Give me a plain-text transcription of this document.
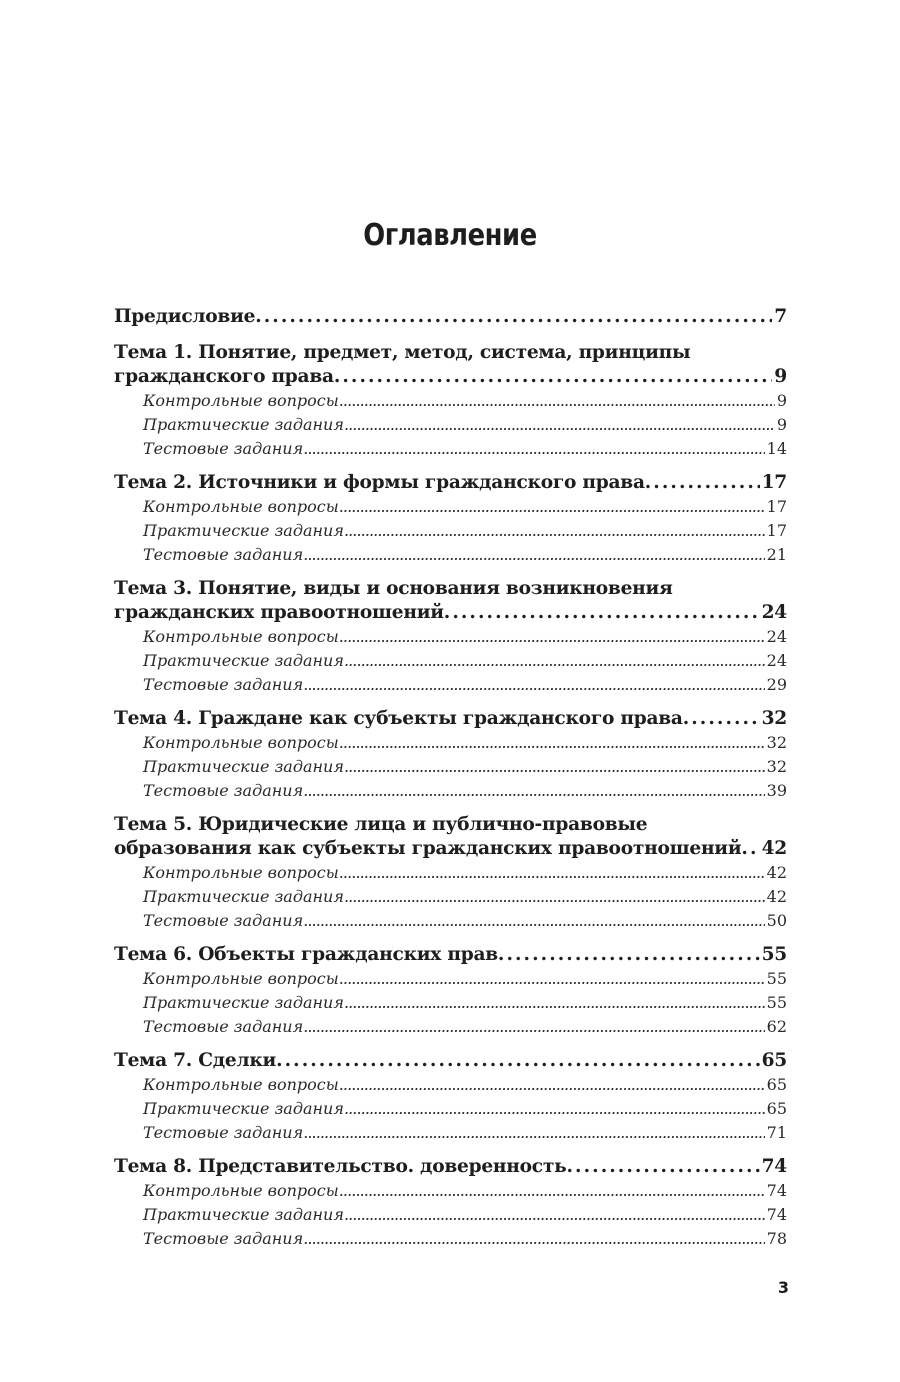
Оглавление
Предисловие . . .	7
Тема 1. Понятие, предмет, метод, система, принципы
гражданского права . . .	9
Контрольные вопросы . . .	9
Практические задания . . .	9
Тестовые задания . . .	14
Тема 2. Источники и формы гражданского права . . .	17
Контрольные вопросы . . .	17
Практические задания . . .	17
Тестовые задания . . .	21
Тема 3. Понятие, виды и основания возникновения
гражданских правоотношений . . .	24
Контрольные вопросы . . .	24
Практические задания . . .	24
Тестовые задания . . .	29
Тема 4. Граждане как субъекты гражданского права . . .	32
Контрольные вопросы . . .	32
Практические задания . . .	32
Тестовые задания . . .	39
Тема 5. Юридические лица и публично-правовые
образования как субъекты гражданских правоотношений . . . 42
Контрольные вопросы . . .	42
Практические задания . . .	42
Тестовые задания . . .	50
Тема 6. Объекты гражданских прав . . .	55
Контрольные вопросы . . .	55
Практические задания . . .	55
Тестовые задания . . .	62
Тема 7. Сделки . . .	65
Контрольные вопросы . . .	65
Практические задания . . .	65
Тестовые задания . . .	71
Тема 8. Представительство. доверенность . . .	74
Контрольные вопросы . . .	74
Практические задания . . .	74
Тестовые задания . . .	78
3
